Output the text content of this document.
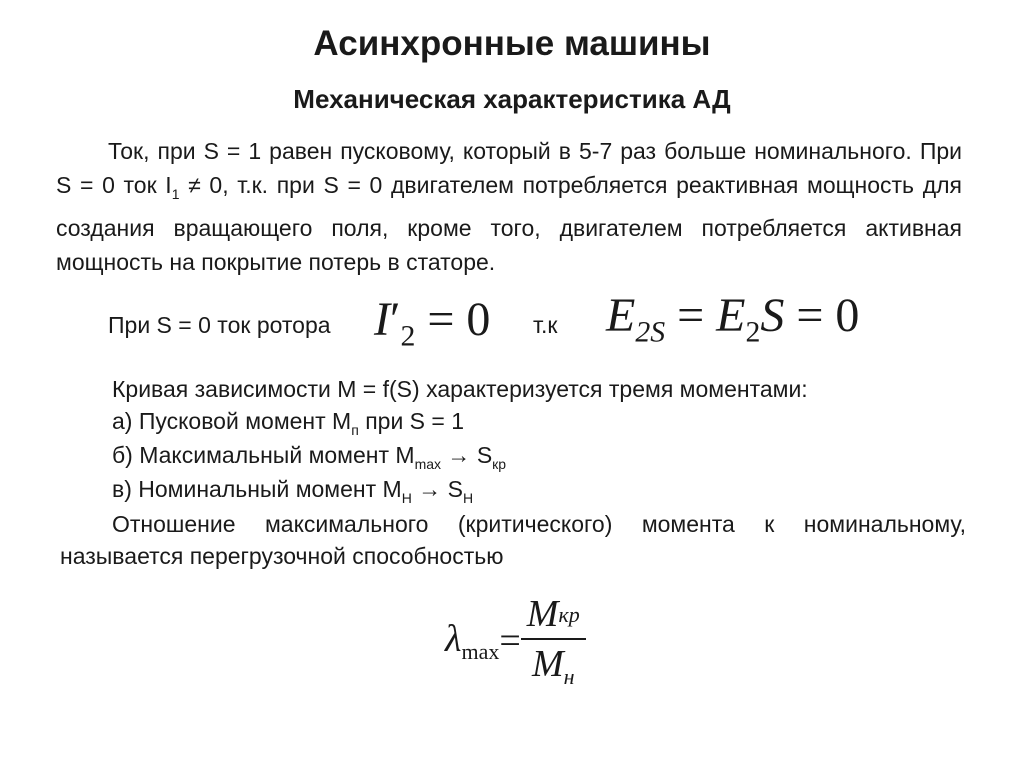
Асинхронные машины
Механическая характеристика АД
Ток, при S = 1 равен пусковому, который в 5-7 раз больше номинального. При S = 0 ток $I_1 \ne 0$, т.к. при S = 0 двигателем потребляется реактивная мощность для создания вращающего поля, кроме того, двигателем потребляется активная мощность на покрытие потерь в статоре.
При S = 0 ток ротора $I'_2 = 0$ т.к $E_{2S} = E_2S = 0$
Кривая зависимости М = f(S) характеризуется тремя моментами:
а) Пусковой момент $М_п$ при S = 1
б) Максимальный момент $М_{max} \to S_{кр}$
в) Номинальный момент $М_Н \to S_Н$
Отношение максимального (критического) момента к номинальному, называется перегрузочной способностью
$\lambda_{max}= \frac{\text{Mкр}}{M_н}$
